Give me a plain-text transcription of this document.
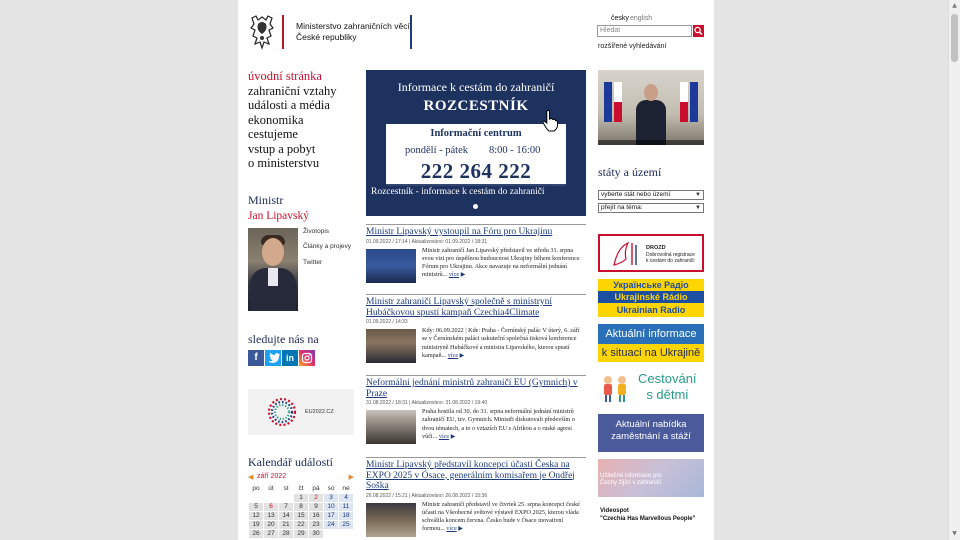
Ministerstvo zahraničních věcí
České republiky
česky english
Hledat
rozšířené vyhledávání
úvodní stránka
zahraniční vztahy
události a média
ekonomika
cestujeme
vstup a pobyt
o ministerstvu
Ministr
Jan Lipavský
Životopis
Články a projevy
Twitter
sledujte nás na
f	in
EU2022.CZ
Kalendář událostí
◀ září 2022	▶
po	út	st	čt	pá	so	ne
			1	2	3	4
5	6	7	8	9	10	11
12	13	14	15	16	17	18
19	20	21	22	23	24	25
26	27	28	29	30		
Informace k cestám do zahraničí
ROZCESTNÍK
Informační centrum
pondělí - pátek 8:00 - 16:00
222 264 222
Rozcestník - informace k cestám do zahraničí
Ministr Lipavský vystoupil na Fóru pro Ukrajinu
01.09.2022 / 17:14 | Aktualizováno: 01.09.2022 / 18:31
Ministr zahraničí Jan Lipavský představil ve středu 31. srpna svou vizi pro úspěšnou budoucnost Ukrajiny během konference Fórum pro Ukrajinu. Akce navazuje na neformální jednání ministrů... více ▶
Ministr zahraničí Lipavský společně s ministryní Hubáčkovou spustí kampaň Czechia4Climate
01.09.2022 / 14:33
Kdy: 06.09.2022 | Kde: Praha - Černínský palác V úterý, 6. září se v Černínském paláci uskuteční společná tisková konference ministryně Hubáčkové a ministra Lipavského, kterou spustí kampaň... více ▶
Neformální jednání ministrů zahraničí EU (Gymnich) v Praze
31.08.2022 / 18:31 | Aktualizováno: 31.08.2022 / 19:40
Praha hostila od 30. do 31. srpna neformální jednání ministrů zahraničí EU, tzv. Gymnich. Ministři diskutovali především o dvou tématech, a to o vztazích EU s Afrikou a o ruské agresi vůči... více ▶
Ministr Lipavský představil koncepci účasti Česka na EXPO 2025 v Ósace, generálním komisařem je Ondřej Soška
26.08.2022 / 15:21 | Aktualizováno: 26.08.2022 / 15:36
Ministr zahraničí představil ve čtvrtek 25. srpna koncepci české účasti na Všeobecné světové výstavě EXPO 2025, kterou vláda schválila koncem června. Česko bude v Ósace inovativní formou... více ▶
státy a území
vyberte stát nebo území	▼
přejít na téma:	▼
DROZD
Dobrovolná registrace
k cestám do zahraničí
Українське Радіо
Ukrajinské Rádio
Ukrainian Radio
Aktuální informace
k situaci na Ukrajině
Cestování
s dětmi
Aktuální nabídka
zaměstnání a stáží
Užitečné informace pro
Čechy žijící v zahraničí
Videospot
"Czechia Has Marvellous People"
▲
▼
